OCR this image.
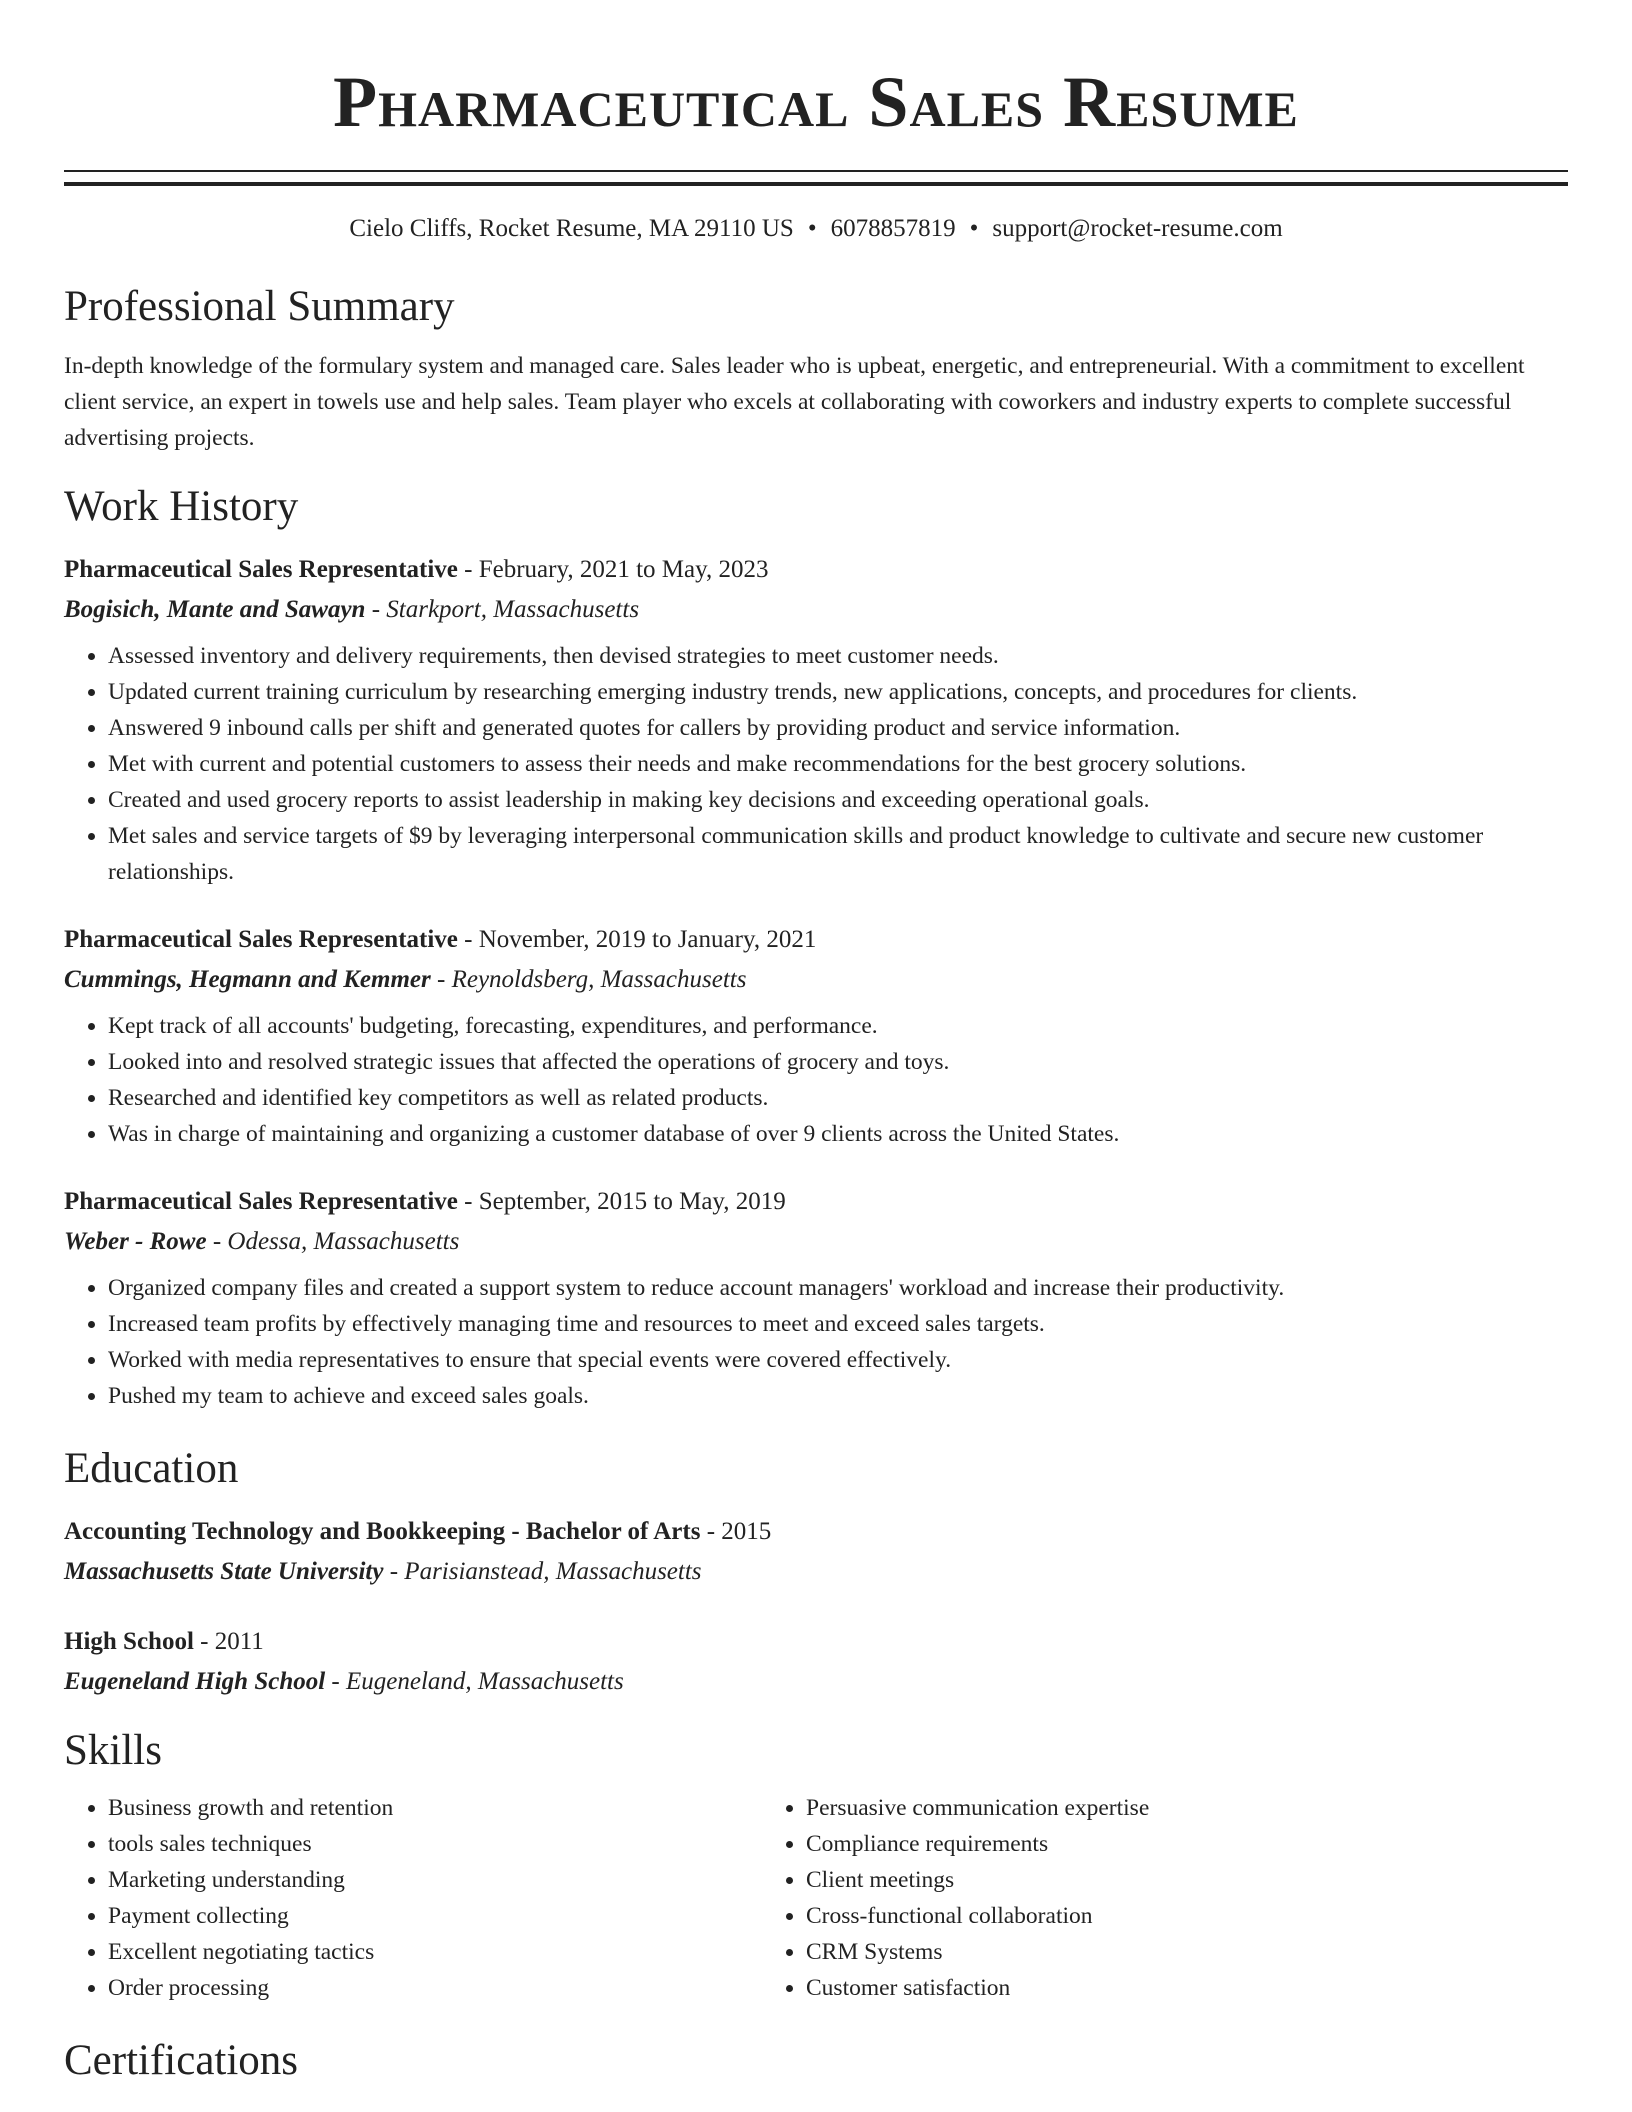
Pharmaceutical Sales Resume
Cielo Cliffs, Rocket Resume, MA 29110 US • 6078857819 • support@rocket-resume.com
Professional Summary
In-depth knowledge of the formulary system and managed care. Sales leader who is upbeat, energetic, and entrepreneurial. With a commitment to excellent client service, an expert in towels use and help sales. Team player who excels at collaborating with coworkers and industry experts to complete successful advertising projects.
Work History
Pharmaceutical Sales Representative - February, 2021 to May, 2023
Bogisich, Mante and Sawayn - Starkport, Massachusetts
• Assessed inventory and delivery requirements, then devised strategies to meet customer needs.
• Updated current training curriculum by researching emerging industry trends, new applications, concepts, and procedures for clients.
• Answered 9 inbound calls per shift and generated quotes for callers by providing product and service information.
• Met with current and potential customers to assess their needs and make recommendations for the best grocery solutions.
• Created and used grocery reports to assist leadership in making key decisions and exceeding operational goals.
• Met sales and service targets of $9 by leveraging interpersonal communication skills and product knowledge to cultivate and secure new customer relationships.
Pharmaceutical Sales Representative - November, 2019 to January, 2021
Cummings, Hegmann and Kemmer - Reynoldsberg, Massachusetts
• Kept track of all accounts' budgeting, forecasting, expenditures, and performance.
• Looked into and resolved strategic issues that affected the operations of grocery and toys.
• Researched and identified key competitors as well as related products.
• Was in charge of maintaining and organizing a customer database of over 9 clients across the United States.
Pharmaceutical Sales Representative - September, 2015 to May, 2019
Weber - Rowe - Odessa, Massachusetts
• Organized company files and created a support system to reduce account managers' workload and increase their productivity.
• Increased team profits by effectively managing time and resources to meet and exceed sales targets.
• Worked with media representatives to ensure that special events were covered effectively.
• Pushed my team to achieve and exceed sales goals.
Education
Accounting Technology and Bookkeeping - Bachelor of Arts - 2015
Massachusetts State University - Parisianstead, Massachusetts
High School - 2011
Eugeneland High School - Eugeneland, Massachusetts
Skills
• Business growth and retention
• tools sales techniques
• Marketing understanding
• Payment collecting
• Excellent negotiating tactics
• Order processing
• Persuasive communication expertise
• Compliance requirements
• Client meetings
• Cross-functional collaboration
• CRM Systems
• Customer satisfaction
Certifications
